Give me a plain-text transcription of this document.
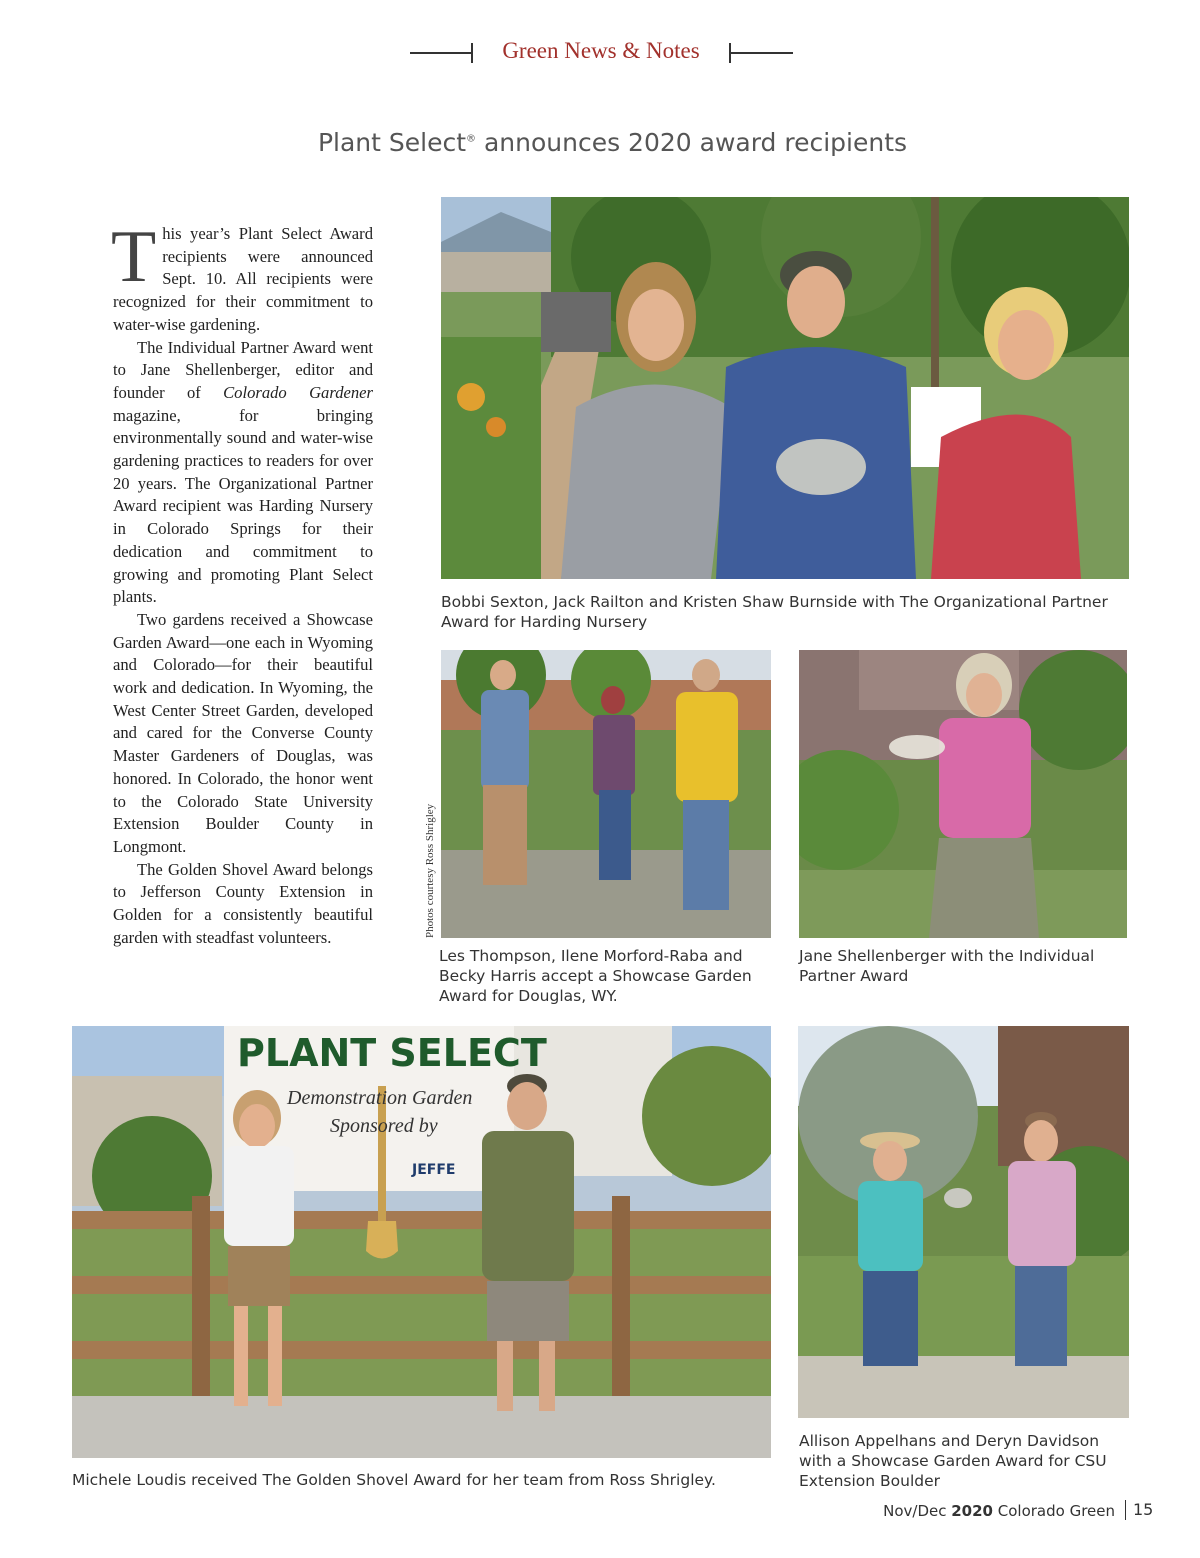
Green News & Notes
Plant Select® announces 2020 award recipients

This year’s Plant Select Award recipients were announced Sept. 10. All recipients were recognized for their commitment to water-wise gardening.

The Individual Partner Award went to Jane Shellenberger, editor and founder of Colorado Gardener magazine, for bringing environmentally sound and water-wise gardening practices to readers for over 20 years. The Organizational Partner Award recipient was Harding Nursery in Colorado Springs for their dedication and commitment to growing and promoting Plant Select plants.

Two gardens received a Showcase Garden Award—one each in Wyoming and Colorado—for their beautiful work and dedication. In Wyoming, the West Center Street Garden, developed and cared for the Converse County Master Gardeners of Douglas, was honored. In Colorado, the honor went to the Colorado State University Extension Boulder County in Longmont.

The Golden Shovel Award belongs to Jefferson County Extension in Golden for a consistently beautiful garden with steadfast volunteers.	Photos courtesy Ross Shrigley
Bobbi Sexton, Jack Railton and Kristen Shaw Burnside with The Organizational Partner Award for Harding Nursery
Les Thompson, Ilene Morford-Raba and Becky Harris accept a Showcase Garden Award for Douglas, WY.
Jane Shellenberger with the Individual Partner Award
PLANT SELECT
Demonstration Garden
Sponsored by
JEFFE
Michele Loudis received The Golden Shovel Award for her team from Ross Shrigley.
Allison Appelhans and Deryn Davidson with a Showcase Garden Award for CSU Extension Boulder
Nov/Dec 2020 Colorado Green 15
